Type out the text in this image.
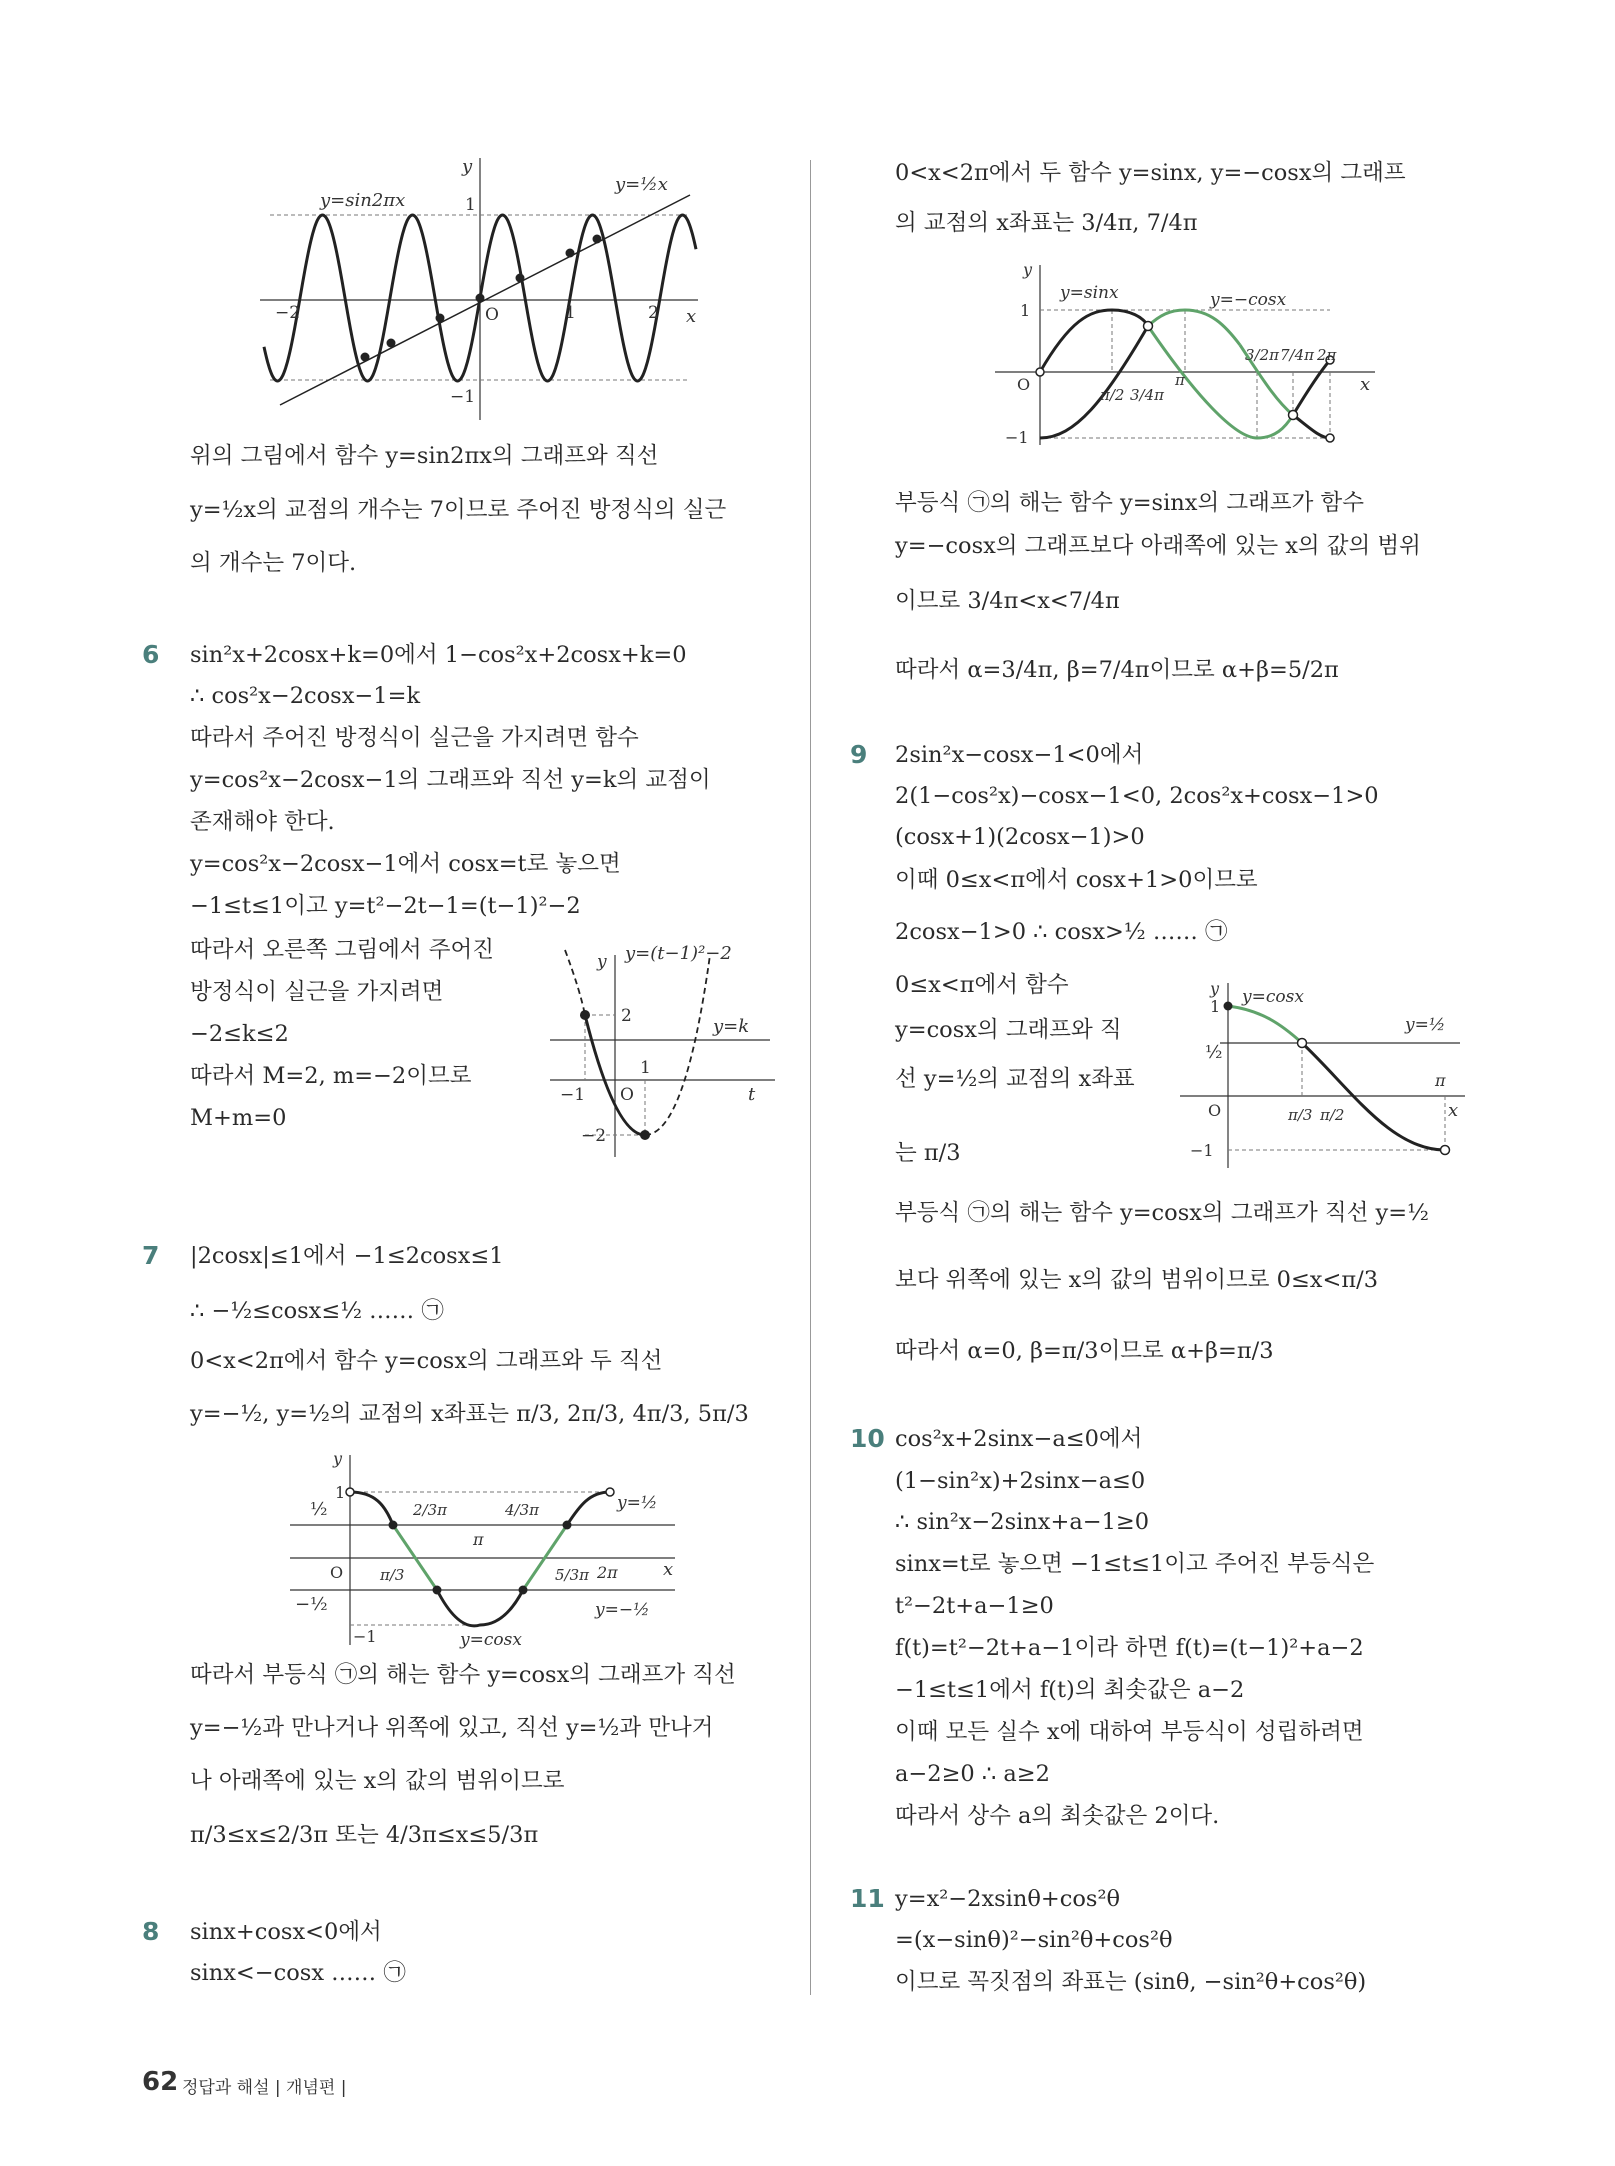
y
x
y=sin2πx
y=½x
1
−1
−2	2
O	1
위의 그림에서 함수 y=sin2πx의 그래프와 직선
y=½x의 교점의 개수는 7이므로 주어진 방정식의 실근
의 개수는 7이다.
6 sin²x+2cosx+k=0에서 1−cos²x+2cosx+k=0
∴ cos²x−2cosx−1=k
따라서 주어진 방정식이 실근을 가지려면 함수
y=cos²x−2cosx−1의 그래프와 직선 y=k의 교점이
존재해야 한다.
y=cos²x−2cosx−1에서 cosx=t로 놓으면
−1≤t≤1이고 y=t²−2t−1=(t−1)²−2
따라서 오른쪽 그림에서 주어진
방정식이 실근을 가지려면
−2≤k≤2
따라서 M=2, m=−2이므로
M+m=0
y
t
y=(t−1)²−2
y=k
2
−2
−1 O
1
7 |2cosx|≤1에서 −1≤2cosx≤1
∴ −½≤cosx≤½ …… ㉠
0<x<2π에서 함수 y=cosx의 그래프와 두 직선
y=−½, y=½의 교점의 x좌표는 π/3, 2π/3, 4π/3, 5π/3
y
x
1
½
−½
−1
O π/3
2/3π
π
4/3π
5/3π 2π
y=½
y=−½
y=cosx
따라서 부등식 ㉠의 해는 함수 y=cosx의 그래프가 직선
y=−½과 만나거나 위쪽에 있고, 직선 y=½과 만나거
나 아래쪽에 있는 x의 값의 범위이므로
π/3≤x≤2/3π 또는 4/3π≤x≤5/3π
8 sinx+cosx<0에서
sinx<−cosx …… ㉠
0<x<2π에서 두 함수 y=sinx, y=−cosx의 그래프
의 교점의 x좌표는 3/4π, 7/4π
y
x
1
−1
O
y=sinx	y=−cosx
π/2 3/4π
π
3/2π 7/4π 2π
부등식 ㉠의 해는 함수 y=sinx의 그래프가 함수
y=−cosx의 그래프보다 아래쪽에 있는 x의 값의 범위
이므로 3/4π<x<7/4π
따라서 α=3/4π, β=7/4π이므로 α+β=5/2π
9 2sin²x−cosx−1<0에서
2(1−cos²x)−cosx−1<0, 2cos²x+cosx−1>0
(cosx+1)(2cosx−1)>0
이때 0≤x<π에서 cosx+1>0이므로
2cosx−1>0 ∴ cosx>½ …… ㉠
0≤x<π에서 함수
y=cosx의 그래프와 직
선 y=½의 교점의 x좌표
는 π/3
y
x
1
½
−1
O
y=cosx
y=½
π/3 π/2
π
부등식 ㉠의 해는 함수 y=cosx의 그래프가 직선 y=½
보다 위쪽에 있는 x의 값의 범위이므로 0≤x<π/3
따라서 α=0, β=π/3이므로 α+β=π/3
10 cos²x+2sinx−a≤0에서
(1−sin²x)+2sinx−a≤0
∴ sin²x−2sinx+a−1≥0
sinx=t로 놓으면 −1≤t≤1이고 주어진 부등식은
t²−2t+a−1≥0
f(t)=t²−2t+a−1이라 하면 f(t)=(t−1)²+a−2
−1≤t≤1에서 f(t)의 최솟값은 a−2
이때 모든 실수 x에 대하여 부등식이 성립하려면
a−2≥0 ∴ a≥2
따라서 상수 a의 최솟값은 2이다.
11 y=x²−2xsinθ+cos²θ
=(x−sinθ)²−sin²θ+cos²θ
이므로 꼭짓점의 좌표는 (sinθ, −sin²θ+cos²θ)
62 정답과 해설 | 개념편 |
